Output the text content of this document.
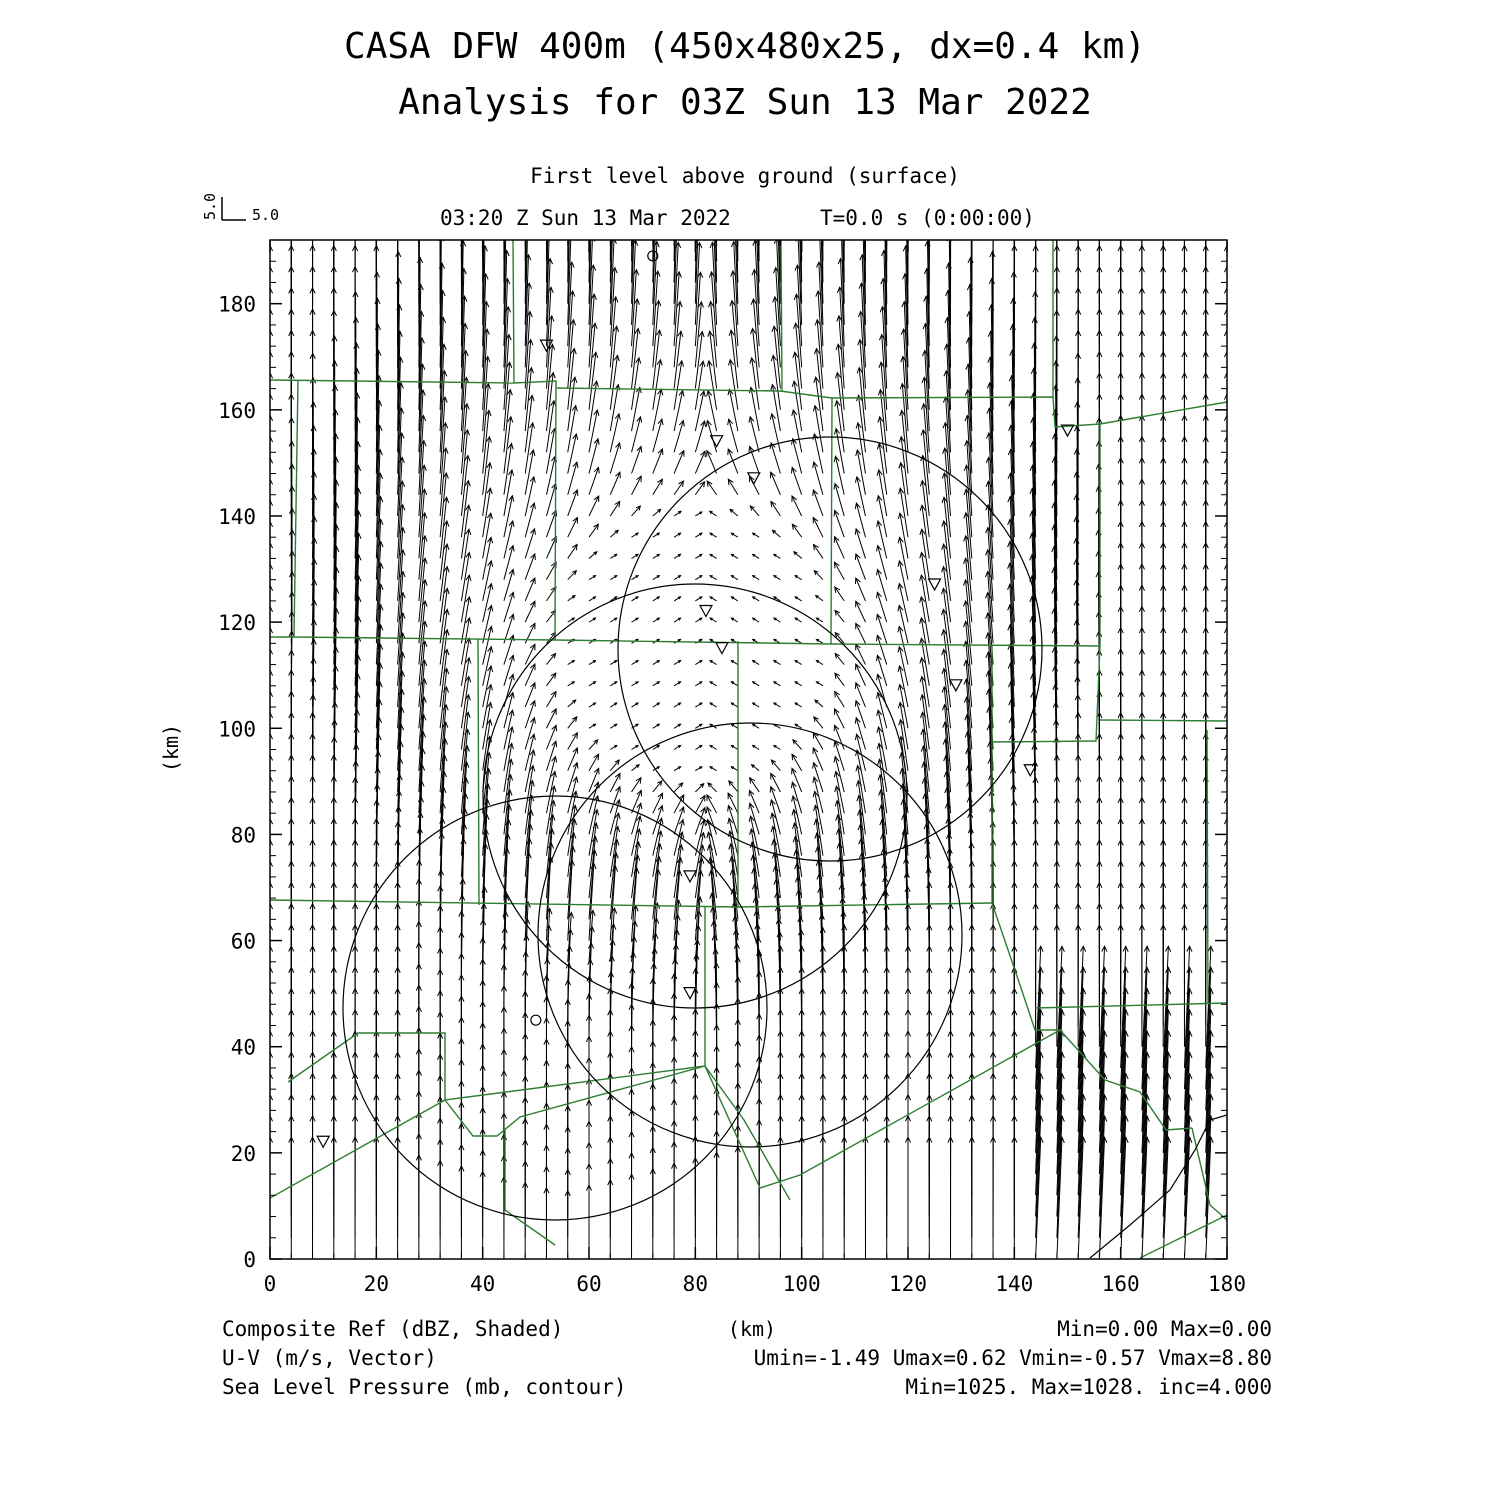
CASA DFW 400m (450x480x25, dx=0.4 km)
Analysis for 03Z Sun 13 Mar 2022
First level above ground (surface)
03:20 Z Sun 13 Mar 2022	T=0.0 s (0:00:00)
5.0
5.0
0	20	40	60	80	100	120	140	160	180
0
20
40
60
80
100
120
140
160
180
(km)
Composite Ref (dBZ, Shaded)
U-V (m/s, Vector)
Sea Level Pressure (mb, contour)
(km)	Min=0.00 Max=0.00
Umin=-1.49 Umax=0.62 Vmin=-0.57 Vmax=8.80
Min=1025. Max=1028. inc=4.000
